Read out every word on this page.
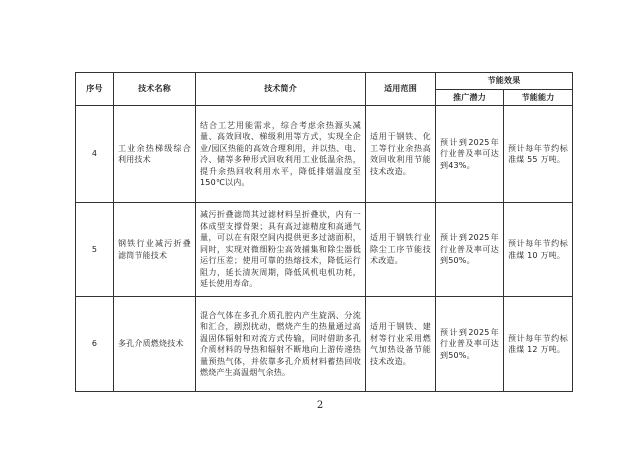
序号	技术名称	技术简介	适用范围	节能效果	
				推广潜力	节能能力
4	工业余热梯级综合利用技术	结合工艺用能需求，综合考虑余热源头减量、高效回收、梯级利用等方式，实现全企业/园区热能的高效合理利用，并以热、电、冷、储等多种形式回收利用工业低温余热，提升余热回收利用水平，降低排烟温度至150℃以内。	适用于钢铁、化工等行业余热高效回收利用节能技术改造。	预计到2025年行业普及率可达到43%。	预计每年节约标准煤 55 万吨。
5	钢铁行业减污折叠滤筒节能技术	减污折叠滤筒其过滤材料呈折叠状，内有一体成型支撑骨架；具有高过滤精度和高通气量，可以在有限空间内提供更多过滤面积，同时，实现对微细粉尘高效捕集和除尘器低运行压差；使用可靠的热熔技术，降低运行阻力，延长清灰周期，降低风机电机功耗，延长使用寿命。	适用于钢铁行业除尘工序节能技术改造。	预计到2025年行业普及率可达到50%。	预计每年节约标准煤 10 万吨。
6	多孔介质燃烧技术	混合气体在多孔介质孔腔内产生旋涡、分流和汇合，剧烈扰动，燃烧产生的热量通过高温固体辐射和对流方式传输，同时借助多孔介质材料的导热和辐射不断地向上游传递热量预热气体，并依靠多孔介质材料蓄热回收燃烧产生高温烟气余热。	适用于钢铁、建材等行业采用燃气加热设备节能技术改造。	预计到2025年行业普及率可达到50%。	预计每年节约标准煤 12 万吨。
2
